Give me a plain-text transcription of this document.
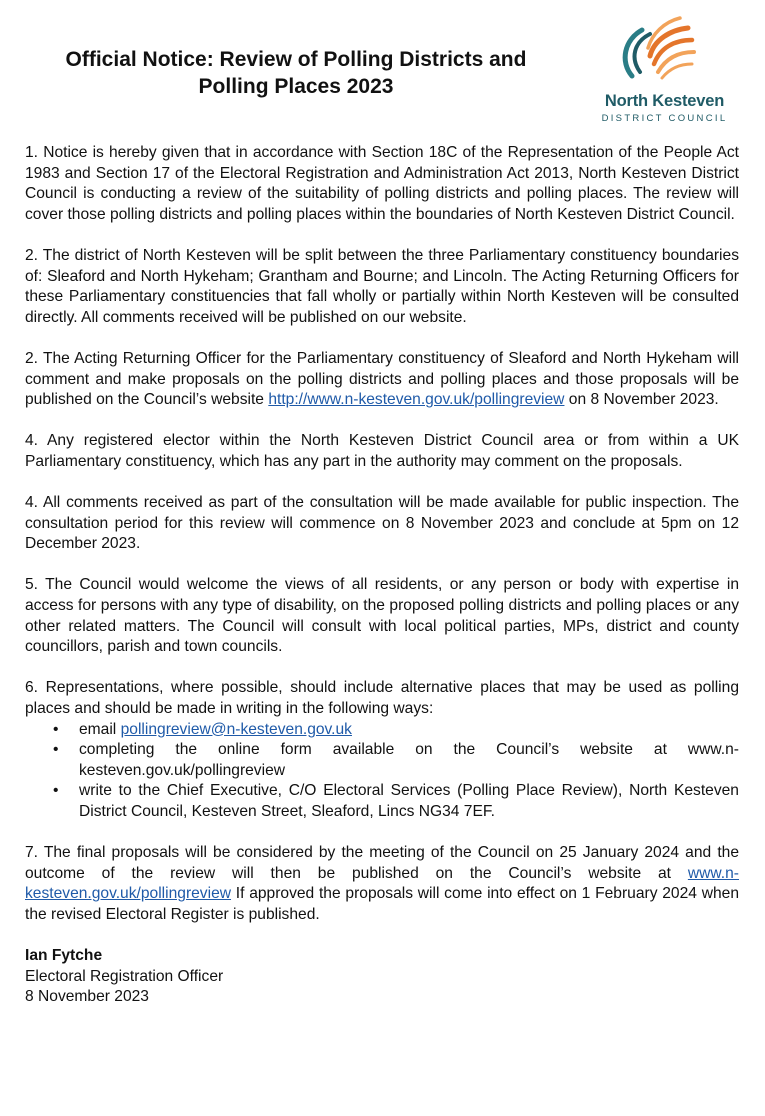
Official Notice: Review of Polling Districts and
Polling Places 2023
North Kesteven
DISTRICT COUNCIL

1. Notice is hereby given that in accordance with Section 18C of the Representation of the People Act 1983 and Section 17 of the Electoral Registration and Administration Act 2013, North Kesteven District Council is conducting a review of the suitability of polling districts and polling places. The review will cover those polling districts and polling places within the boundaries of North Kesteven District Council.

2. The district of North Kesteven will be split between the three Parliamentary constituency boundaries of: Sleaford and North Hykeham; Grantham and Bourne; and Lincoln. The Acting Returning Officers for these Parliamentary constituencies that fall wholly or partially within North Kesteven will be consulted directly. All comments received will be published on our website.

2. The Acting Returning Officer for the Parliamentary constituency of Sleaford and North Hykeham will comment and make proposals on the polling districts and polling places and those proposals will be published on the Council’s website http://www.n-kesteven.gov.uk/pollingreview on 8 November 2023.

4. Any registered elector within the North Kesteven District Council area or from within a UK Parliamentary constituency, which has any part in the authority may comment on the proposals.

4. All comments received as part of the consultation will be made available for public inspection. The consultation period for this review will commence on 8 November 2023 and conclude at 5pm on 12 December 2023.

5. The Council would welcome the views of all residents, or any person or body with expertise in access for persons with any type of disability, on the proposed polling districts and polling places or any other related matters. The Council will consult with local political parties, MPs, district and county councillors, parish and town councils.

6. Representations, where possible, should include alternative places that may be used as polling places and should be made in writing in the following ways:

• email pollingreview@n-kesteven.gov.uk
• completing the online form available on the Council’s website at www.n-kesteven.gov.uk/pollingreview
• write to the Chief Executive, C/O Electoral Services (Polling Place Review), North Kesteven District Council, Kesteven Street, Sleaford, Lincs NG34 7EF.

7. The final proposals will be considered by the meeting of the Council on 25 January 2024 and the outcome of the review will then be published on the Council’s website at www.n-kesteven.gov.uk/pollingreview If approved the proposals will come into effect on 1 February 2024 when the revised Electoral Register is published.

Ian Fytche

Electoral Registration Officer

8 November 2023
